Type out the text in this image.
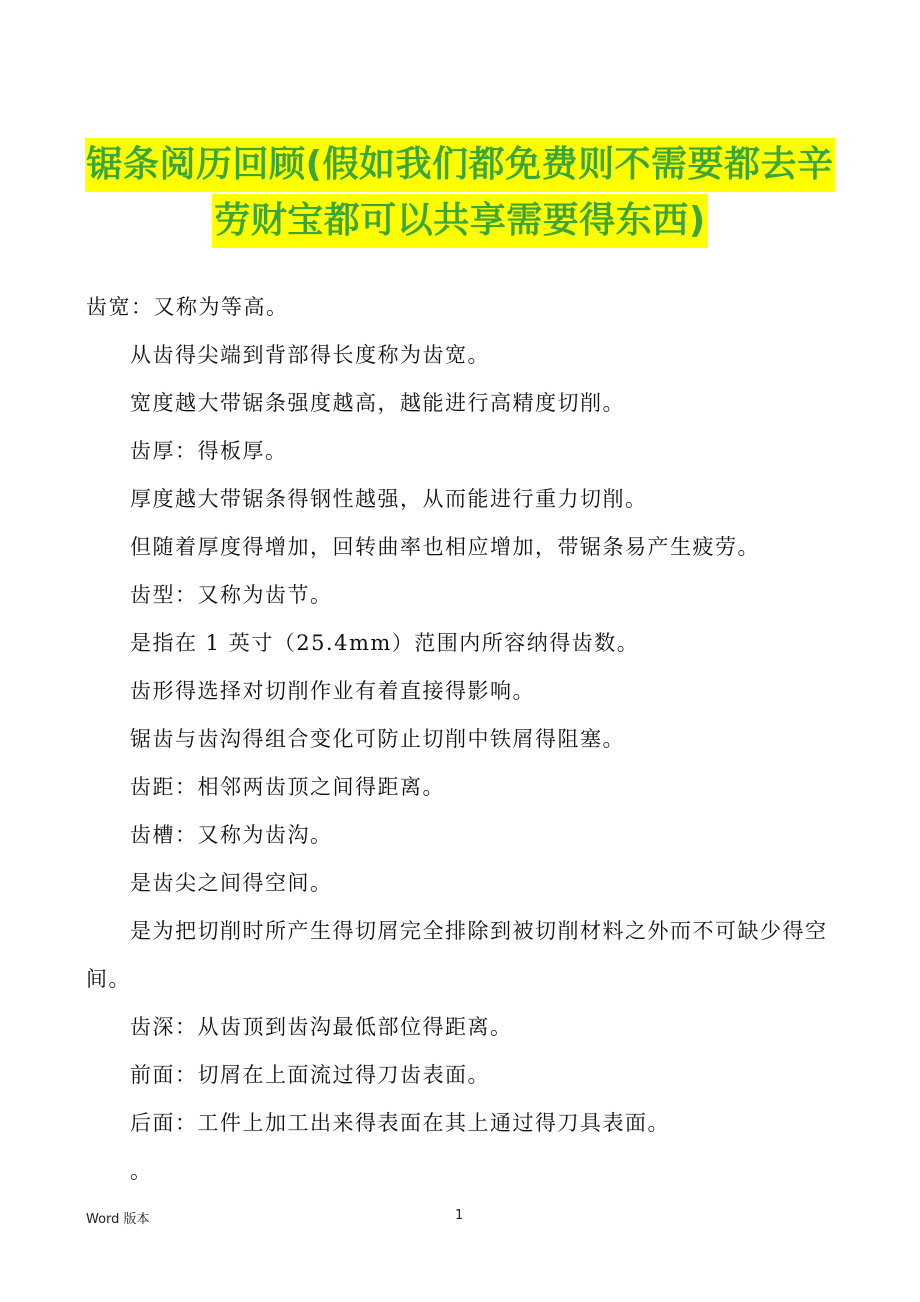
锯条阅历回顾(假如我们都免费则不需要都去辛
劳财宝都可以共享需要得东西)
齿宽：又称为等高。
从齿得尖端到背部得长度称为齿宽。
宽度越大带锯条强度越高，越能进行高精度切削。
齿厚：得板厚。
厚度越大带锯条得钢性越强，从而能进行重力切削。
但随着厚度得增加，回转曲率也相应增加，带锯条易产生疲劳。
齿型：又称为齿节。
是指在 1 英寸（25.4mm）范围内所容纳得齿数。
齿形得选择对切削作业有着直接得影响。
锯齿与齿沟得组合变化可防止切削中铁屑得阻塞。
齿距：相邻两齿顶之间得距离。
齿槽：又称为齿沟。
是齿尖之间得空间。
是为把切削时所产生得切屑完全排除到被切削材料之外而不可缺少得空间。
齿深：从齿顶到齿沟最低部位得距离。
前面：切屑在上面流过得刀齿表面。
后面：工件上加工出来得表面在其上通过得刀具表面。
。
Word 版本	1
